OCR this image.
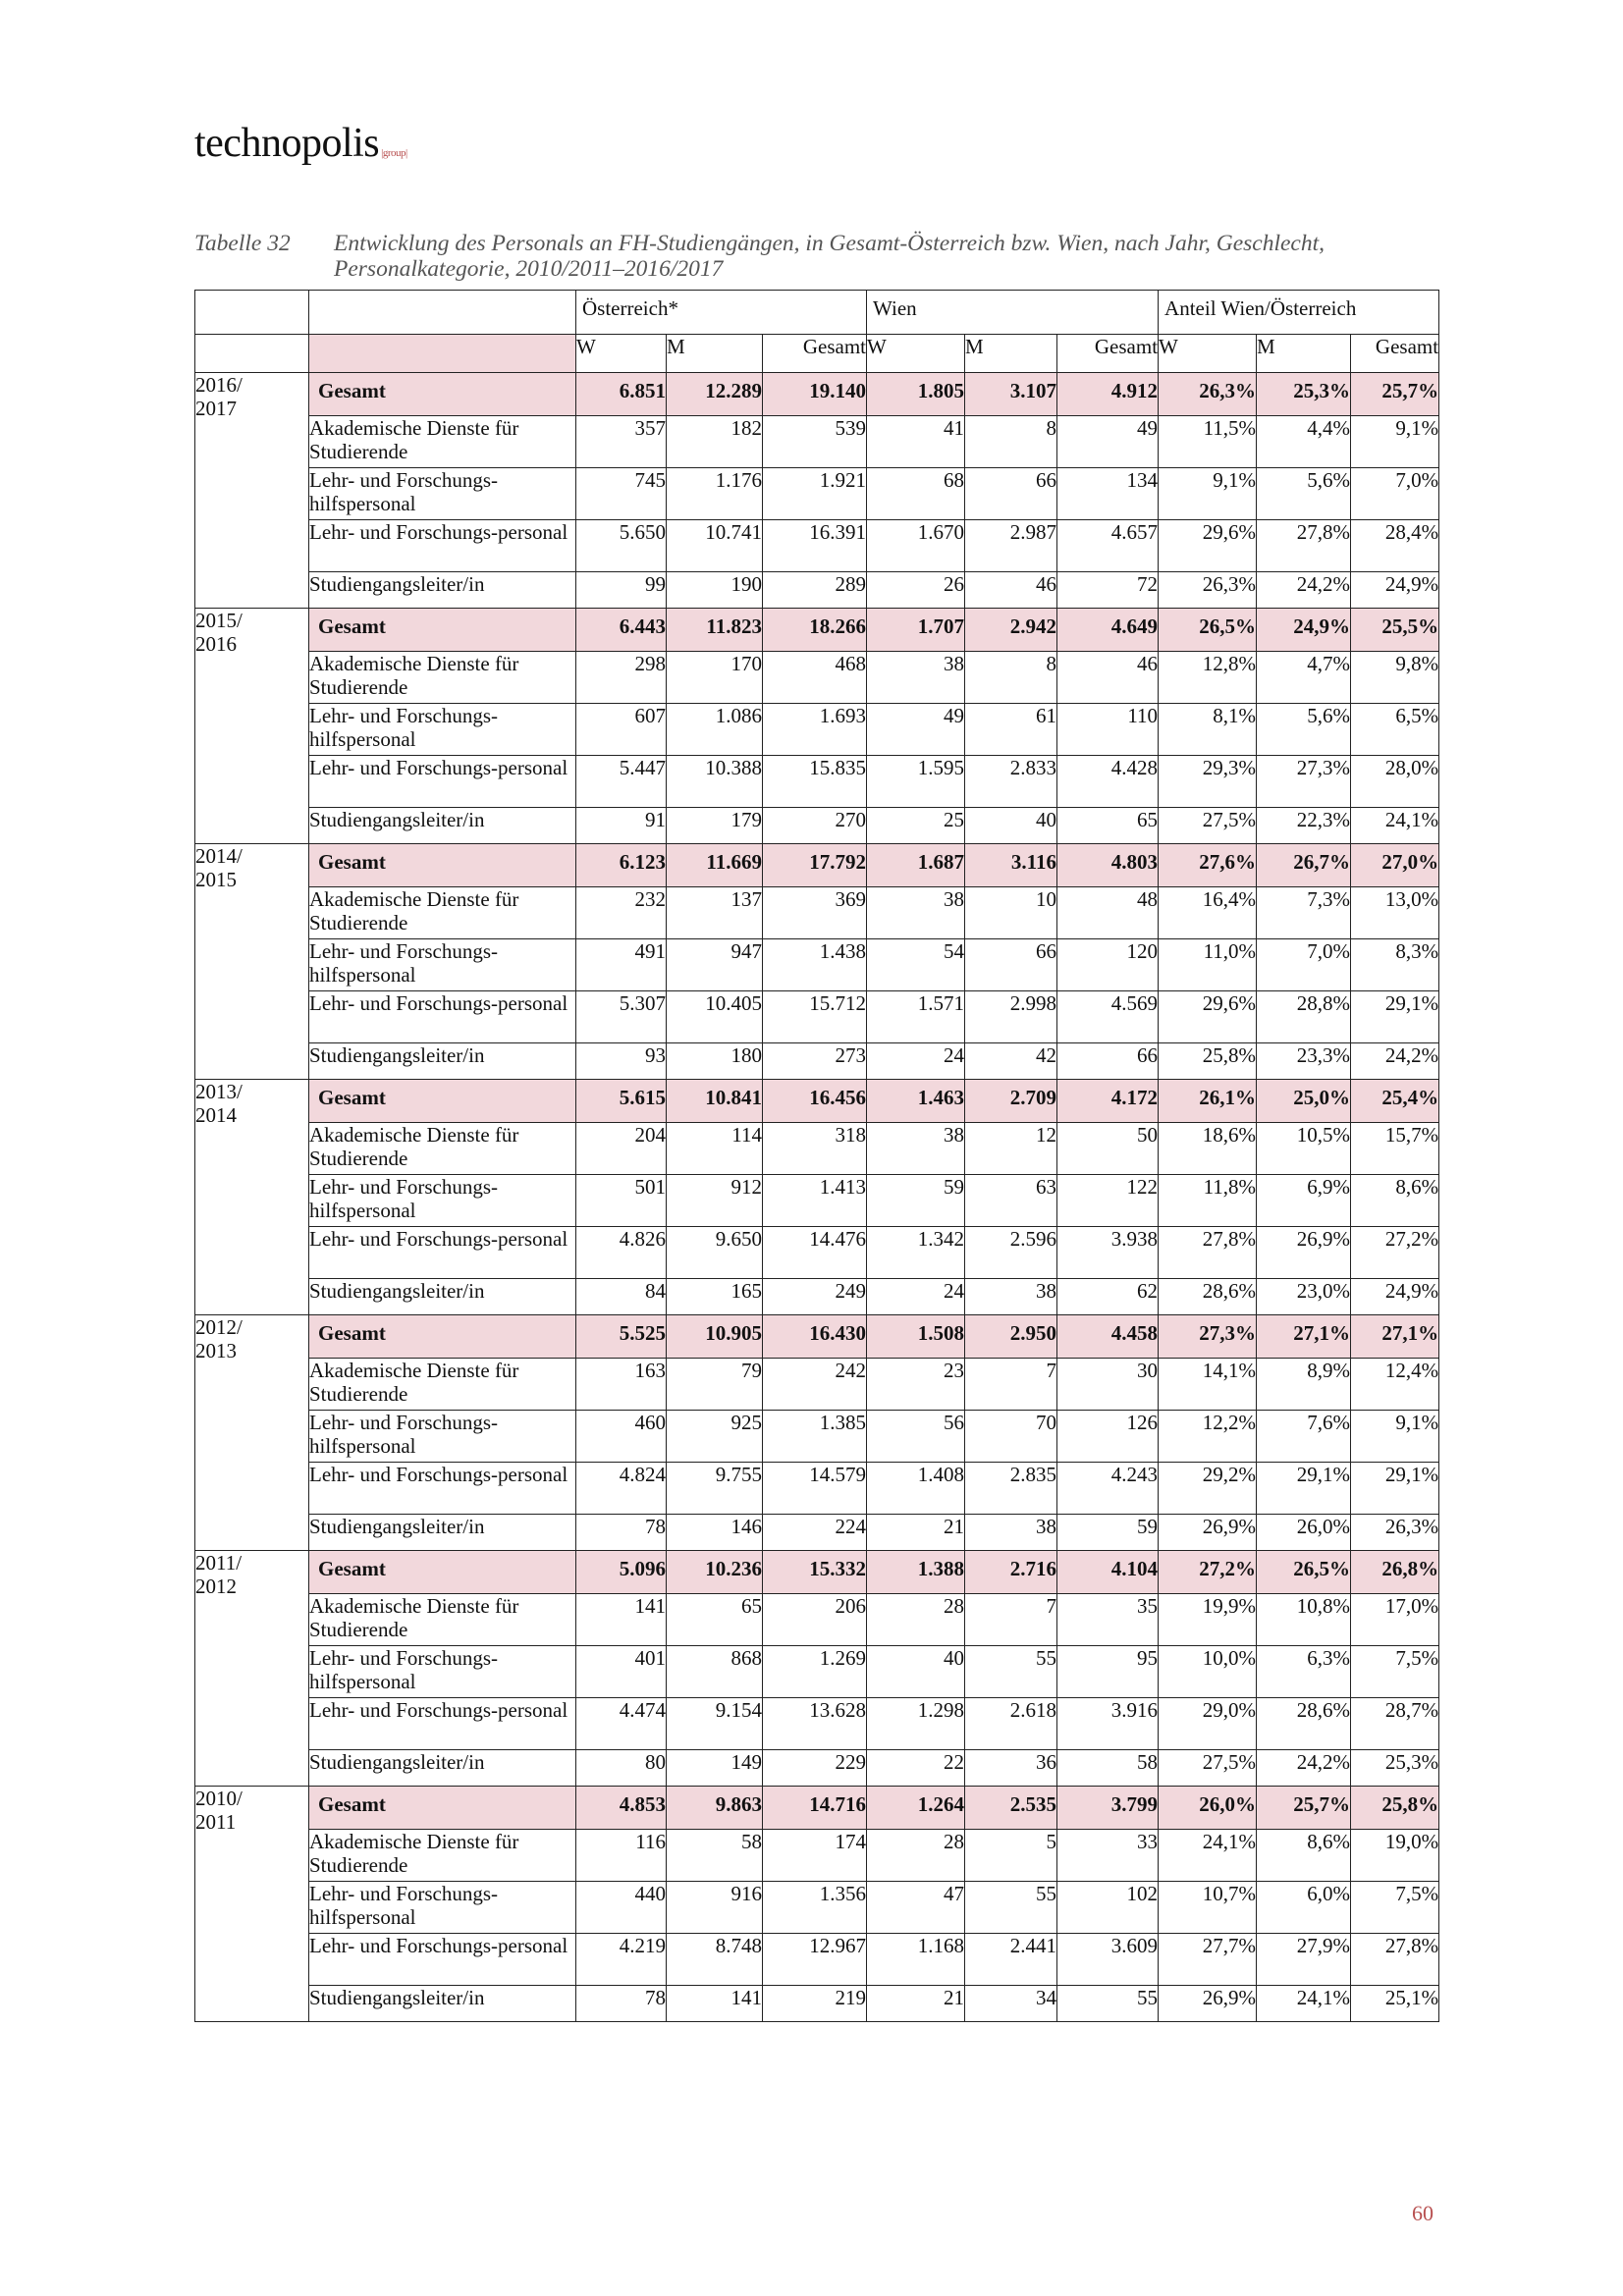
technopolis |group|
Tabelle 32 Entwicklung des Personals an FH-Studiengängen, in Gesamt-Österreich bzw. Wien, nach Jahr, Geschlecht, Personalkategorie, 2010/2011–2016/2017
		Österreich*			Wien			Anteil Wien/Österreich		
		W	M	Gesamt	W	M	Gesamt	W	M	Gesamt
2016/
2017	Gesamt	6.851	12.289	19.140	1.805	3.107	4.912	26,3%	25,3%	25,7%
	Akademische Dienste für Studierende	357	182	539	41	8	49	11,5%	4,4%	9,1%
	Lehr- und Forschungs-hilfspersonal	745	1.176	1.921	68	66	134	9,1%	5,6%	7,0%
	Lehr- und Forschungs-personal	5.650	10.741	16.391	1.670	2.987	4.657	29,6%	27,8%	28,4%
	Studiengangsleiter/in	99	190	289	26	46	72	26,3%	24,2%	24,9%
2015/
2016	Gesamt	6.443	11.823	18.266	1.707	2.942	4.649	26,5%	24,9%	25,5%
	Akademische Dienste für Studierende	298	170	468	38	8	46	12,8%	4,7%	9,8%
	Lehr- und Forschungs-hilfspersonal	607	1.086	1.693	49	61	110	8,1%	5,6%	6,5%
	Lehr- und Forschungs-personal	5.447	10.388	15.835	1.595	2.833	4.428	29,3%	27,3%	28,0%
	Studiengangsleiter/in	91	179	270	25	40	65	27,5%	22,3%	24,1%
2014/
2015	Gesamt	6.123	11.669	17.792	1.687	3.116	4.803	27,6%	26,7%	27,0%
	Akademische Dienste für Studierende	232	137	369	38	10	48	16,4%	7,3%	13,0%
	Lehr- und Forschungs-hilfspersonal	491	947	1.438	54	66	120	11,0%	7,0%	8,3%
	Lehr- und Forschungs-personal	5.307	10.405	15.712	1.571	2.998	4.569	29,6%	28,8%	29,1%
	Studiengangsleiter/in	93	180	273	24	42	66	25,8%	23,3%	24,2%
2013/
2014	Gesamt	5.615	10.841	16.456	1.463	2.709	4.172	26,1%	25,0%	25,4%
	Akademische Dienste für Studierende	204	114	318	38	12	50	18,6%	10,5%	15,7%
	Lehr- und Forschungs-hilfspersonal	501	912	1.413	59	63	122	11,8%	6,9%	8,6%
	Lehr- und Forschungs-personal	4.826	9.650	14.476	1.342	2.596	3.938	27,8%	26,9%	27,2%
	Studiengangsleiter/in	84	165	249	24	38	62	28,6%	23,0%	24,9%
2012/
2013	Gesamt	5.525	10.905	16.430	1.508	2.950	4.458	27,3%	27,1%	27,1%
	Akademische Dienste für Studierende	163	79	242	23	7	30	14,1%	8,9%	12,4%
	Lehr- und Forschungs-hilfspersonal	460	925	1.385	56	70	126	12,2%	7,6%	9,1%
	Lehr- und Forschungs-personal	4.824	9.755	14.579	1.408	2.835	4.243	29,2%	29,1%	29,1%
	Studiengangsleiter/in	78	146	224	21	38	59	26,9%	26,0%	26,3%
2011/
2012	Gesamt	5.096	10.236	15.332	1.388	2.716	4.104	27,2%	26,5%	26,8%
	Akademische Dienste für Studierende	141	65	206	28	7	35	19,9%	10,8%	17,0%
	Lehr- und Forschungs-hilfspersonal	401	868	1.269	40	55	95	10,0%	6,3%	7,5%
	Lehr- und Forschungs-personal	4.474	9.154	13.628	1.298	2.618	3.916	29,0%	28,6%	28,7%
	Studiengangsleiter/in	80	149	229	22	36	58	27,5%	24,2%	25,3%
2010/
2011	Gesamt	4.853	9.863	14.716	1.264	2.535	3.799	26,0%	25,7%	25,8%
	Akademische Dienste für Studierende	116	58	174	28	5	33	24,1%	8,6%	19,0%
	Lehr- und Forschungs-hilfspersonal	440	916	1.356	47	55	102	10,7%	6,0%	7,5%
	Lehr- und Forschungs-personal	4.219	8.748	12.967	1.168	2.441	3.609	27,7%	27,9%	27,8%
	Studiengangsleiter/in	78	141	219	21	34	55	26,9%	24,1%	25,1%
60
